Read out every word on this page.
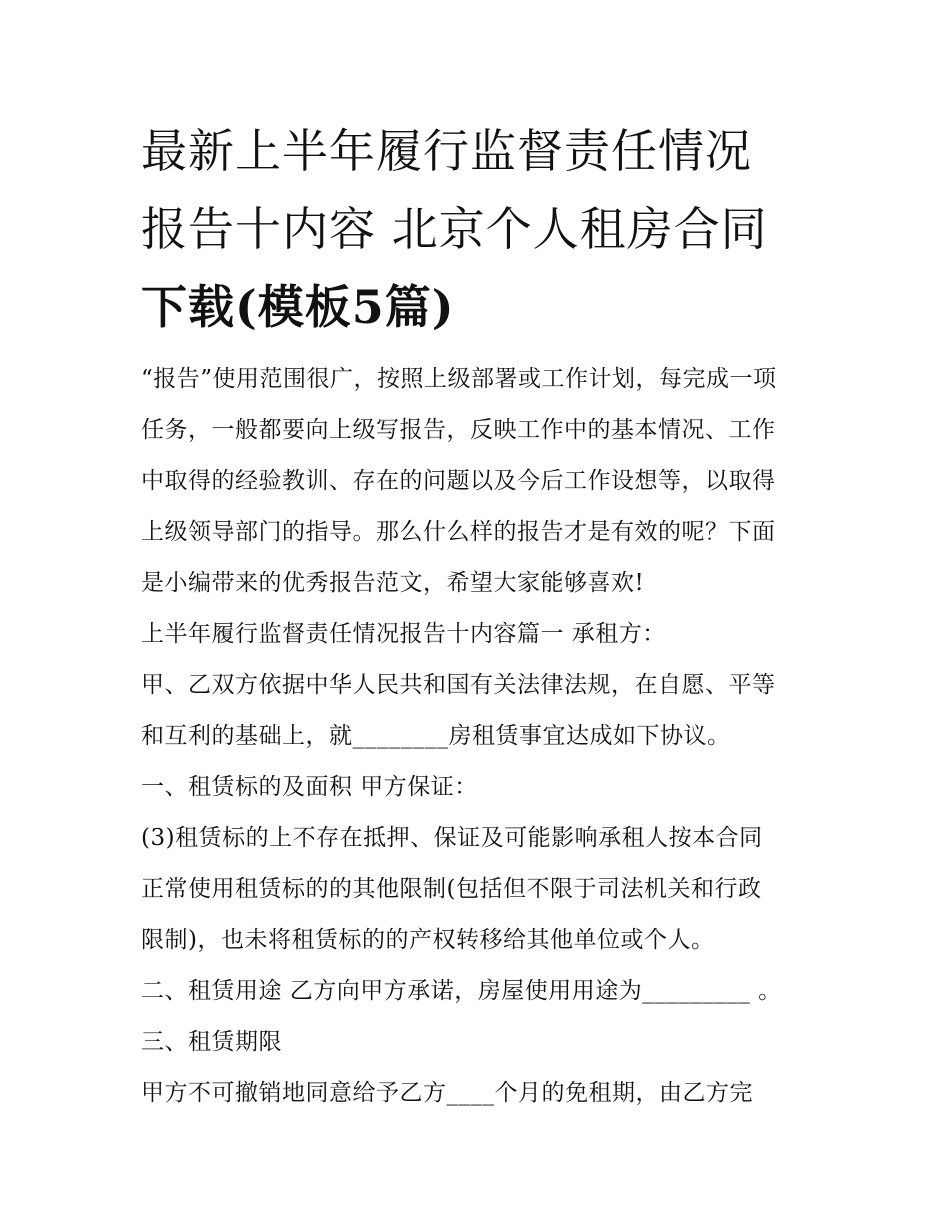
最新上半年履行监督责任情况
报告十内容 北京个人租房合同
下载(模板5篇)

“报告”使用范围很广，按照上级部署或工作计划，每完成一项

任务，一般都要向上级写报告，反映工作中的基本情况、工作

中取得的经验教训、存在的问题以及今后工作设想等，以取得

上级领导部门的指导。那么什么样的报告才是有效的呢？下面

是小编带来的优秀报告范文，希望大家能够喜欢!

上半年履行监督责任情况报告十内容篇一 承租方：

甲、乙双方依据中华人民共和国有关法律法规，在自愿、平等

和互利的基础上，就________房租赁事宜达成如下协议。

一、租赁标的及面积 甲方保证：

(3)租赁标的上不存在抵押、保证及可能影响承租人按本合同

正常使用租赁标的的其他限制(包括但不限于司法机关和行政

限制)，也未将租赁标的的产权转移给其他单位或个人。

二、租赁用途 乙方向甲方承诺，房屋使用用途为_________ 。

三、租赁期限

甲方不可撤销地同意给予乙方____个月的免租期，由乙方完
